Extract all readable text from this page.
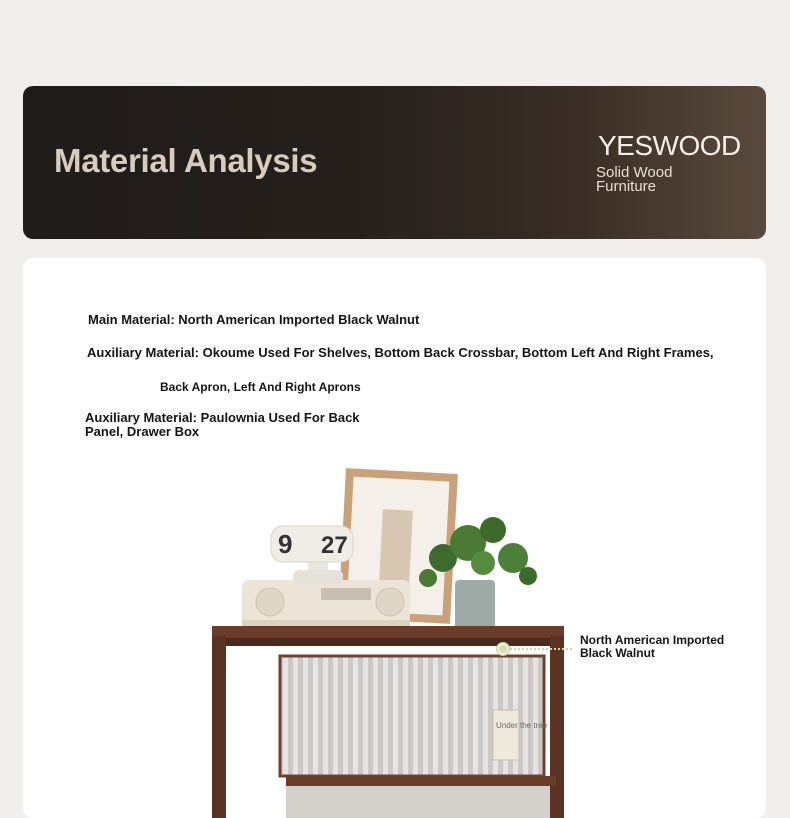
Material Analysis	YESWOOD
Solid Wood Furniture
Main Material: North American Imported Black Walnut
Auxiliary Material: Okoume Used For Shelves, Bottom Back Crossbar, Bottom Left And Right Frames,
Back Apron, Left And Right Aprons
Auxiliary Material: Paulownia Used For Back Panel, Drawer Box
9 27
Under the tree
North American Imported Black Walnut
